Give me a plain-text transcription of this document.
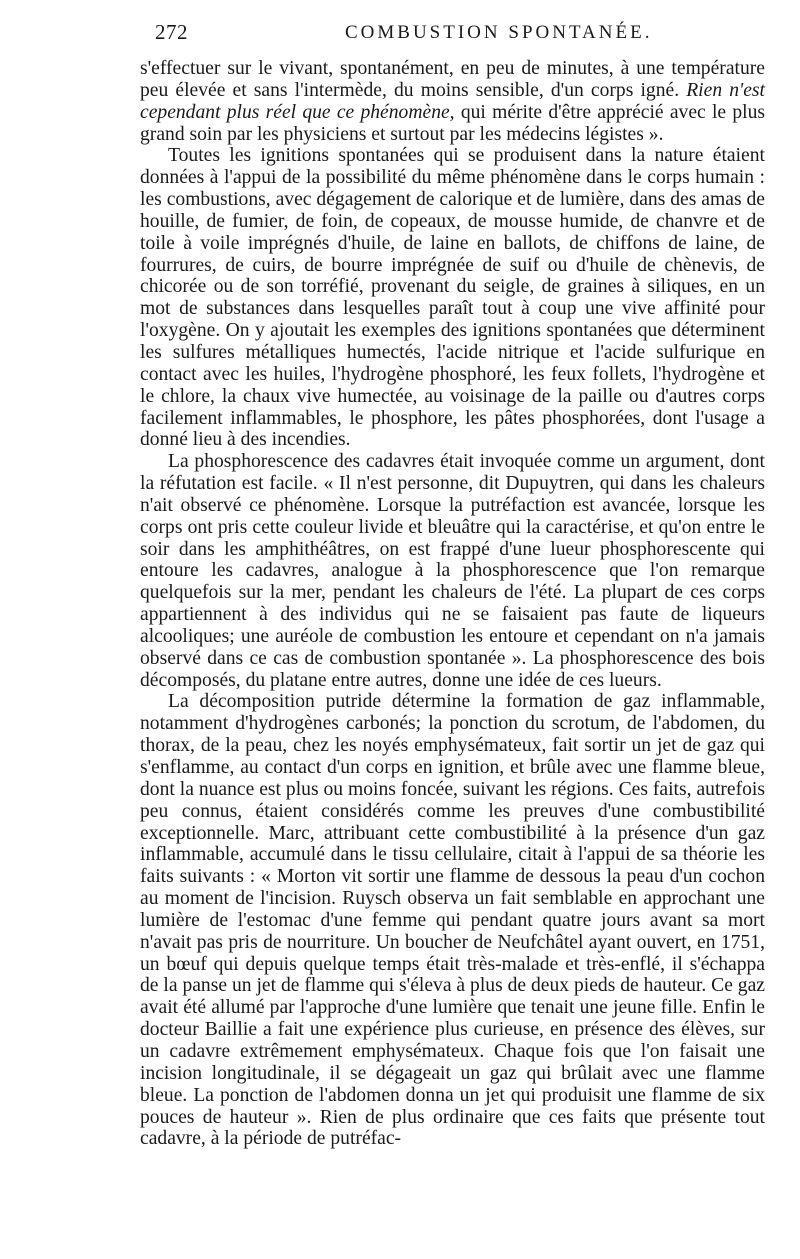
272	COMBUSTION SPONTANÉE.

s'effectuer sur le vivant, spontanément, en peu de minutes, à une température peu élevée et sans l'intermède, du moins sensible, d'un corps igné. Rien n'est cependant plus réel que ce phénomène, qui mérite d'être apprécié avec le plus grand soin par les physiciens et surtout par les médecins légistes ».

Toutes les ignitions spontanées qui se produisent dans la nature étaient données à l'appui de la possibilité du même phénomène dans le corps humain : les combustions, avec dégagement de calorique et de lumière, dans des amas de houille, de fumier, de foin, de copeaux, de mousse humide, de chanvre et de toile à voile imprégnés d'huile, de laine en ballots, de chiffons de laine, de fourrures, de cuirs, de bourre imprégnée de suif ou d'huile de chènevis, de chicorée ou de son torréfié, provenant du seigle, de graines à siliques, en un mot de substances dans lesquelles paraît tout à coup une vive affinité pour l'oxygène. On y ajoutait les exemples des ignitions spontanées que déterminent les sulfures métalliques humectés, l'acide nitrique et l'acide sulfurique en contact avec les huiles, l'hydrogène phosphoré, les feux follets, l'hydrogène et le chlore, la chaux vive humectée, au voisinage de la paille ou d'autres corps facilement inflammables, le phosphore, les pâtes phosphorées, dont l'usage a donné lieu à des incendies.

La phosphorescence des cadavres était invoquée comme un argument, dont la réfutation est facile. « Il n'est personne, dit Dupuytren, qui dans les chaleurs n'ait observé ce phénomène. Lorsque la putréfaction est avancée, lorsque les corps ont pris cette couleur livide et bleuâtre qui la caractérise, et qu'on entre le soir dans les amphithéâtres, on est frappé d'une lueur phosphorescente qui entoure les cadavres, analogue à la phosphorescence que l'on remarque quelquefois sur la mer, pendant les chaleurs de l'été. La plupart de ces corps appartiennent à des individus qui ne se faisaient pas faute de liqueurs alcooliques; une auréole de combustion les entoure et cependant on n'a jamais observé dans ce cas de combustion spontanée ». La phosphorescence des bois décomposés, du platane entre autres, donne une idée de ces lueurs.

La décomposition putride détermine la formation de gaz inflammable, notamment d'hydrogènes carbonés; la ponction du scrotum, de l'abdomen, du thorax, de la peau, chez les noyés emphysémateux, fait sortir un jet de gaz qui s'enflamme, au contact d'un corps en ignition, et brûle avec une flamme bleue, dont la nuance est plus ou moins foncée, suivant les régions. Ces faits, autrefois peu connus, étaient considérés comme les preuves d'une combustibilité exceptionnelle. Marc, attribuant cette combustibilité à la présence d'un gaz inflammable, accumulé dans le tissu cellulaire, citait à l'appui de sa théorie les faits suivants : « Morton vit sortir une flamme de dessous la peau d'un cochon au moment de l'incision. Ruysch observa un fait semblable en approchant une lumière de l'estomac d'une femme qui pendant quatre jours avant sa mort n'avait pas pris de nourriture. Un boucher de Neufchâtel ayant ouvert, en 1751, un bœuf qui depuis quelque temps était très-malade et très-enflé, il s'échappa de la panse un jet de flamme qui s'éleva à plus de deux pieds de hauteur. Ce gaz avait été allumé par l'approche d'une lumière que tenait une jeune fille. Enfin le docteur Baillie a fait une expérience plus curieuse, en présence des élèves, sur un cadavre extrêmement emphysémateux. Chaque fois que l'on faisait une incision longitudinale, il se dégageait un gaz qui brûlait avec une flamme bleue. La ponction de l'abdomen donna un jet qui produisit une flamme de six pouces de hauteur ». Rien de plus ordinaire que ces faits que présente tout cadavre, à la période de putréfac-
